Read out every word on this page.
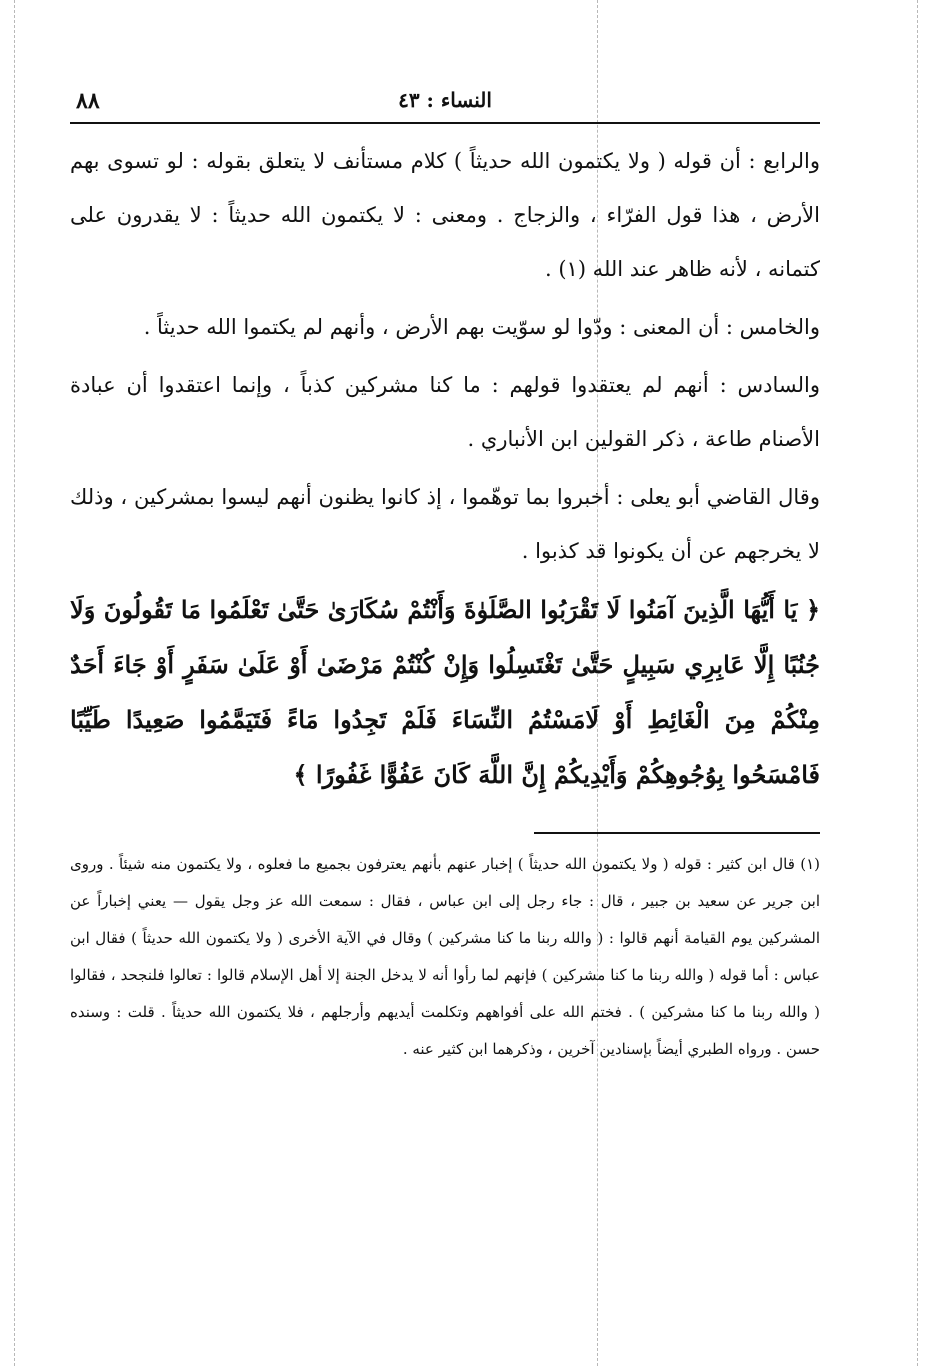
٨٨	النساء : ٤٣

والرابع : أن قوله ( ولا يكتمون الله حديثاً ) كلام مستأنف لا يتعلق بقوله : لو تسوى بهم الأرض ، هذا قول الفرّاء ، والزجاج . ومعنى : لا يكتمون الله حديثاً : لا يقدرون على كتمانه ، لأنه ظاهر عند الله (١) .

والخامس : أن المعنى : ودّوا لو سوّيت بهم الأرض ، وأنهم لم يكتموا الله حديثاً .

والسادس : أنهم لم يعتقدوا قولهم : ما كنا مشركين كذباً ، وإنما اعتقدوا أن عبادة الأصنام طاعة ، ذكر القولين ابن الأنباري .

وقال القاضي أبو يعلى : أخبروا بما توهّموا ، إذ كانوا يظنون أنهم ليسوا بمشركين ، وذلك لا يخرجهم عن أن يكونوا قد كذبوا .

﴿ يَا أَيُّهَا الَّذِينَ آمَنُوا لَا تَقْرَبُوا الصَّلَوٰةَ وَأَنْتُمْ سُكَارَىٰ حَتَّىٰ تَعْلَمُوا مَا تَقُولُونَ وَلَا جُنُبًا إِلَّا عَابِرِي سَبِيلٍ حَتَّىٰ تَغْتَسِلُوا وَإِنْ كُنْتُمْ مَرْضَىٰ أَوْ عَلَىٰ سَفَرٍ أَوْ جَاءَ أَحَدٌ مِنْكُمْ مِنَ الْغَائِطِ أَوْ لَامَسْتُمُ النِّسَاءَ فَلَمْ تَجِدُوا مَاءً فَتَيَمَّمُوا صَعِيدًا طَيِّبًا فَامْسَحُوا بِوُجُوهِكُمْ وَأَيْدِيكُمْ إِنَّ اللَّهَ كَانَ عَفُوًّا غَفُورًا ﴾

(١) قال ابن كثير : قوله ( ولا يكتمون الله حديثاً ) إخبار عنهم بأنهم يعترفون بجميع ما فعلوه ، ولا يكتمون منه شيئاً . وروى ابن جرير عن سعيد بن جبير ، قال : جاء رجل إلى ابن عباس ، فقال : سمعت الله عز وجل يقول — يعني إخباراً عن المشركين يوم القيامة أنهم قالوا : ( والله ربنا ما كنا مشركين ) وقال في الآية الأخرى ( ولا يكتمون الله حديثاً ) فقال ابن عباس : أما قوله ( والله ربنا ما كنا مشركين ) فإنهم لما رأوا أنه لا يدخل الجنة إلا أهل الإسلام قالوا : تعالوا فلنجحد ، فقالوا ( والله ربنا ما كنا مشركين ) . فختم الله على أفواههم وتكلمت أيديهم وأرجلهم ، فلا يكتمون الله حديثاً . قلت : وسنده حسن . ورواه الطبري أيضاً بإسنادين آخرين ، وذكرهما ابن كثير عنه .
